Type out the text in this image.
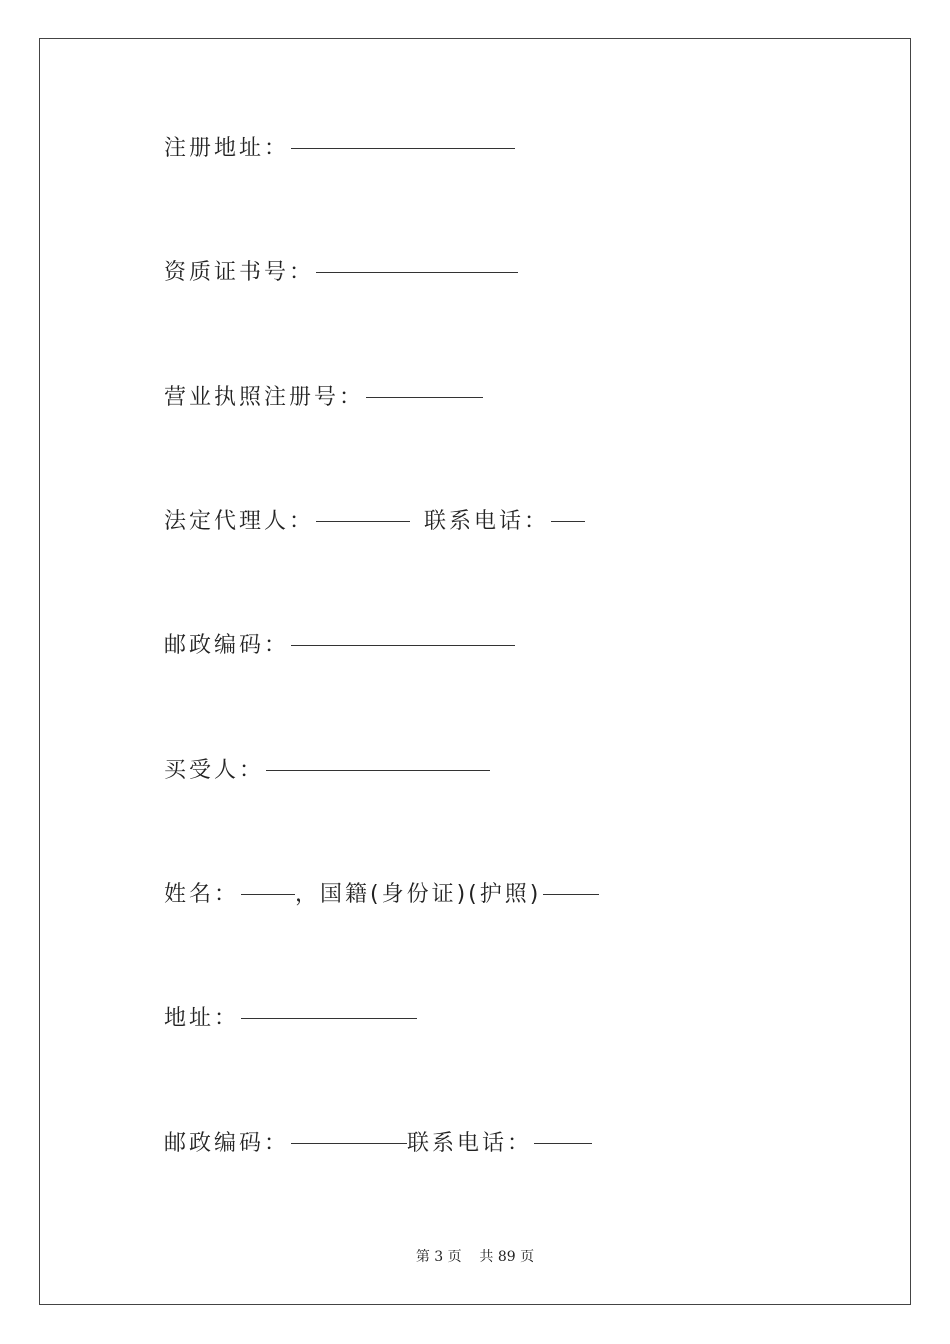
注册地址：
资质证书号：
营业执照注册号：
法定代理人：	联系电话：
邮政编码：
买受人：
姓名：	，国籍(身份证)(护照)
地址：
邮政编码：	联系电话：
第 3 页    共 89 页
